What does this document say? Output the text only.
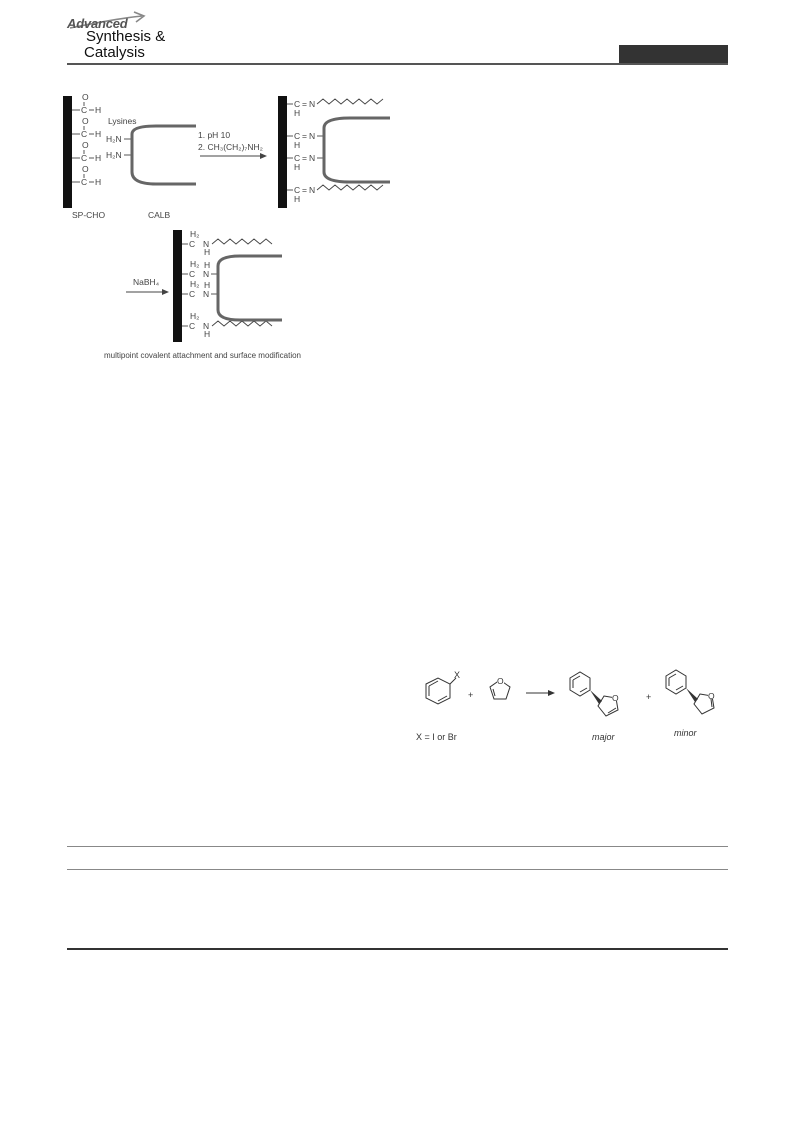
Advanced
Synthesis &
Catalysis
O
C H
O
C H
O
C H
O
C H
Lysines
H₂N
H₂N
SP-CHO	CALB
1. pH 10
2. CH₃(CH₂)₇NH₂
C = N
H
C = N
H
C = N
H
C = N
H
NaBH₄
H₂
C N
H
H₂
C N
H
H₂
C N
H
H₂
C N
H
multipoint covalent attachment and surface modification
X
+
O
O	+	O
X = I or Br	major	minor
